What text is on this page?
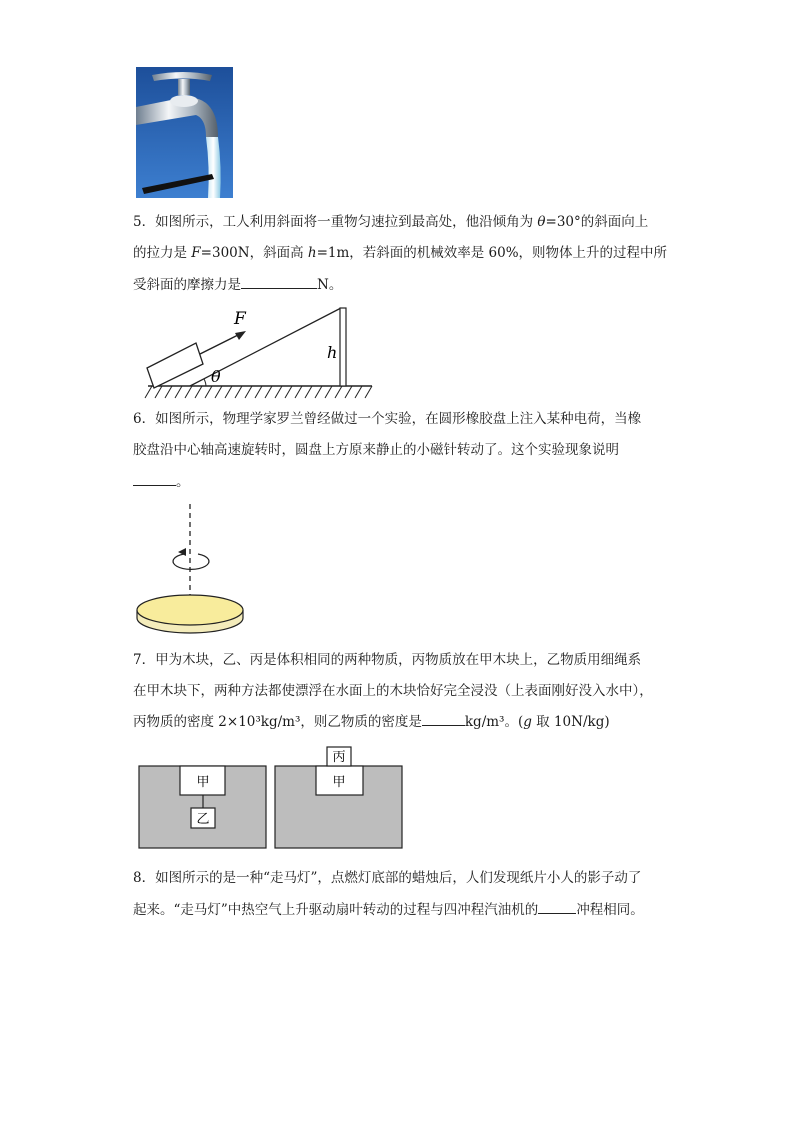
5．如图所示，工人利用斜面将一重物匀速拉到最高处，他沿倾角为 θ=30°的斜面向上
的拉力是 F=300N，斜面高 h=1m，若斜面的机械效率是 60%，则物体上升的过程中所
受斜面的摩擦力是	N。
F
h
θ
6．如图所示，物理学家罗兰曾经做过一个实验，在圆形橡胶盘上注入某种电荷，当橡
胶盘沿中心轴高速旋转时，圆盘上方原来静止的小磁针转动了。这个实验现象说明
。
7．甲为木块，乙、丙是体积相同的两种物质，丙物质放在甲木块上，乙物质用细绳系
在甲木块下，两种方法都使漂浮在水面上的木块恰好完全浸没（上表面刚好没入水中），
丙物质的密度 2×10³kg/m³，则乙物质的密度是	kg/m³。(g 取 10N/kg)
甲
乙
甲
丙
8．如图所示的是一种“走马灯”，点燃灯底部的蜡烛后，人们发现纸片小人的影子动了
起来。“走马灯”中热空气上升驱动扇叶转动的过程与四冲程汽油机的	冲程相同。
